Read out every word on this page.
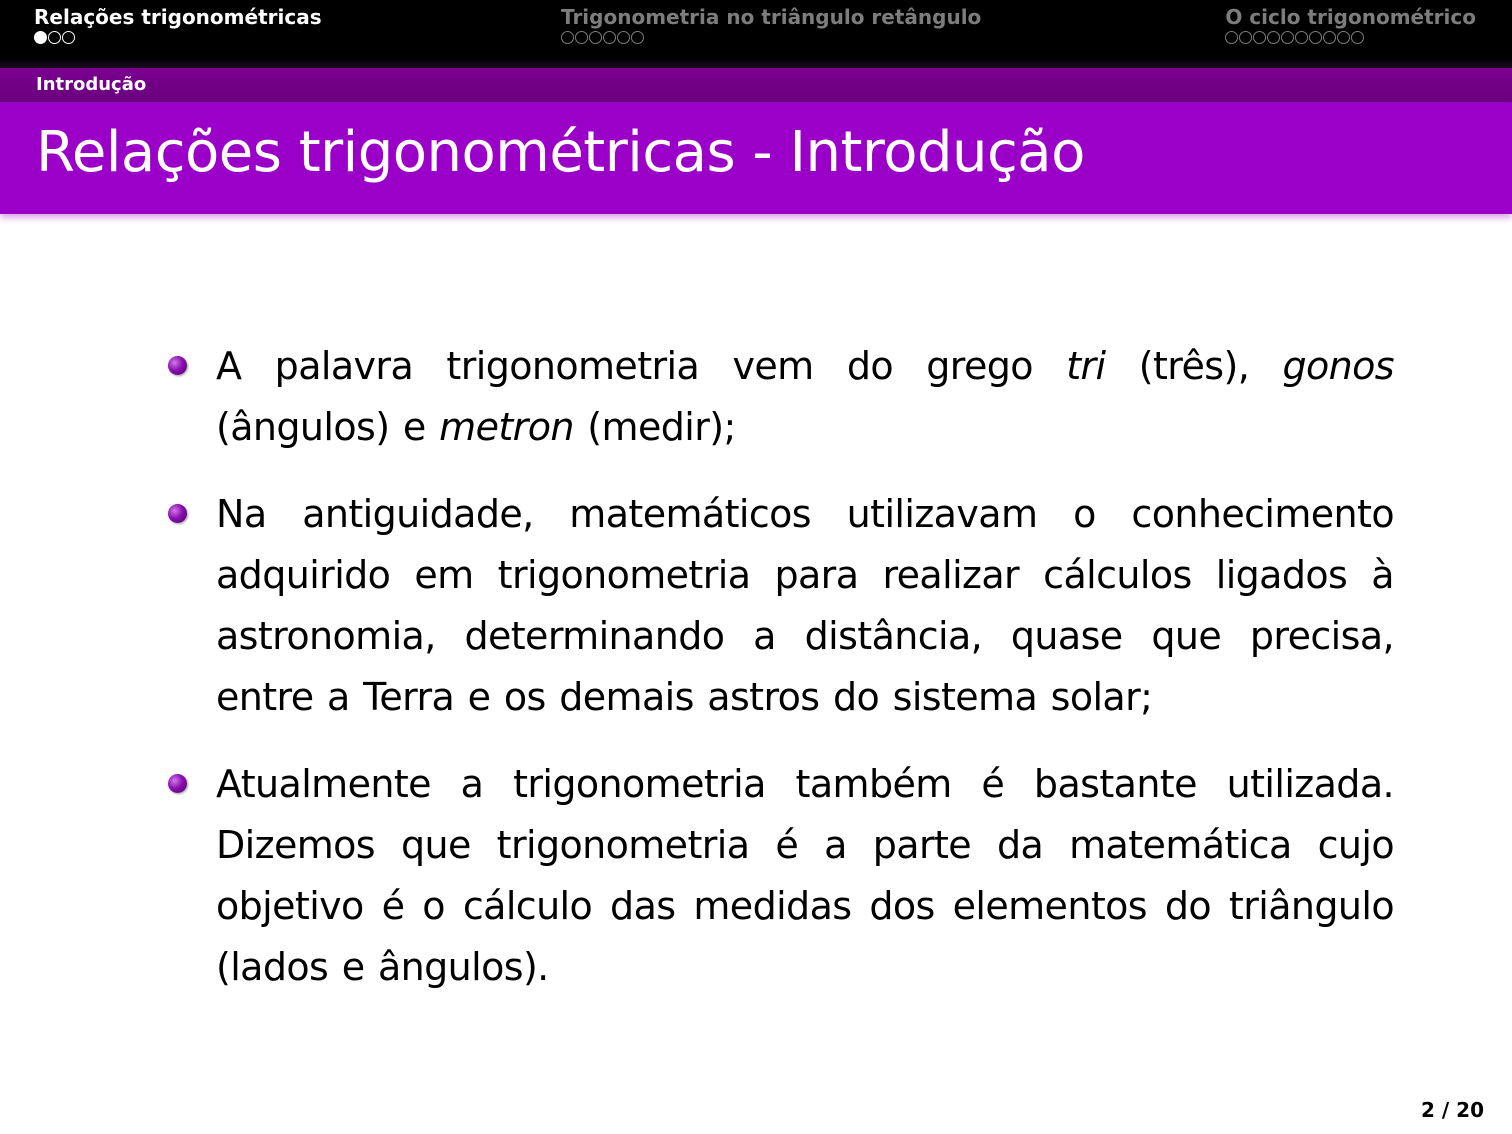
Relações trigonométricas	Trigonometria no triângulo retângulo	O ciclo trigonométrico
Introdução
Relações trigonométricas - Introdução
A palavra trigonometria vem do grego tri (três), gonos (ângulos) e metron (medir);
Na antiguidade, matemáticos utilizavam o conhecimento adquirido em trigonometria para realizar cálculos ligados à astronomia, determinando a distância, quase que precisa, entre a Terra e os demais astros do sistema solar;
Atualmente a trigonometria também é bastante utilizada. Dizemos que trigonometria é a parte da matemática cujo objetivo é o cálculo das medidas dos elementos do triângulo (lados e ângulos).
2 / 20
